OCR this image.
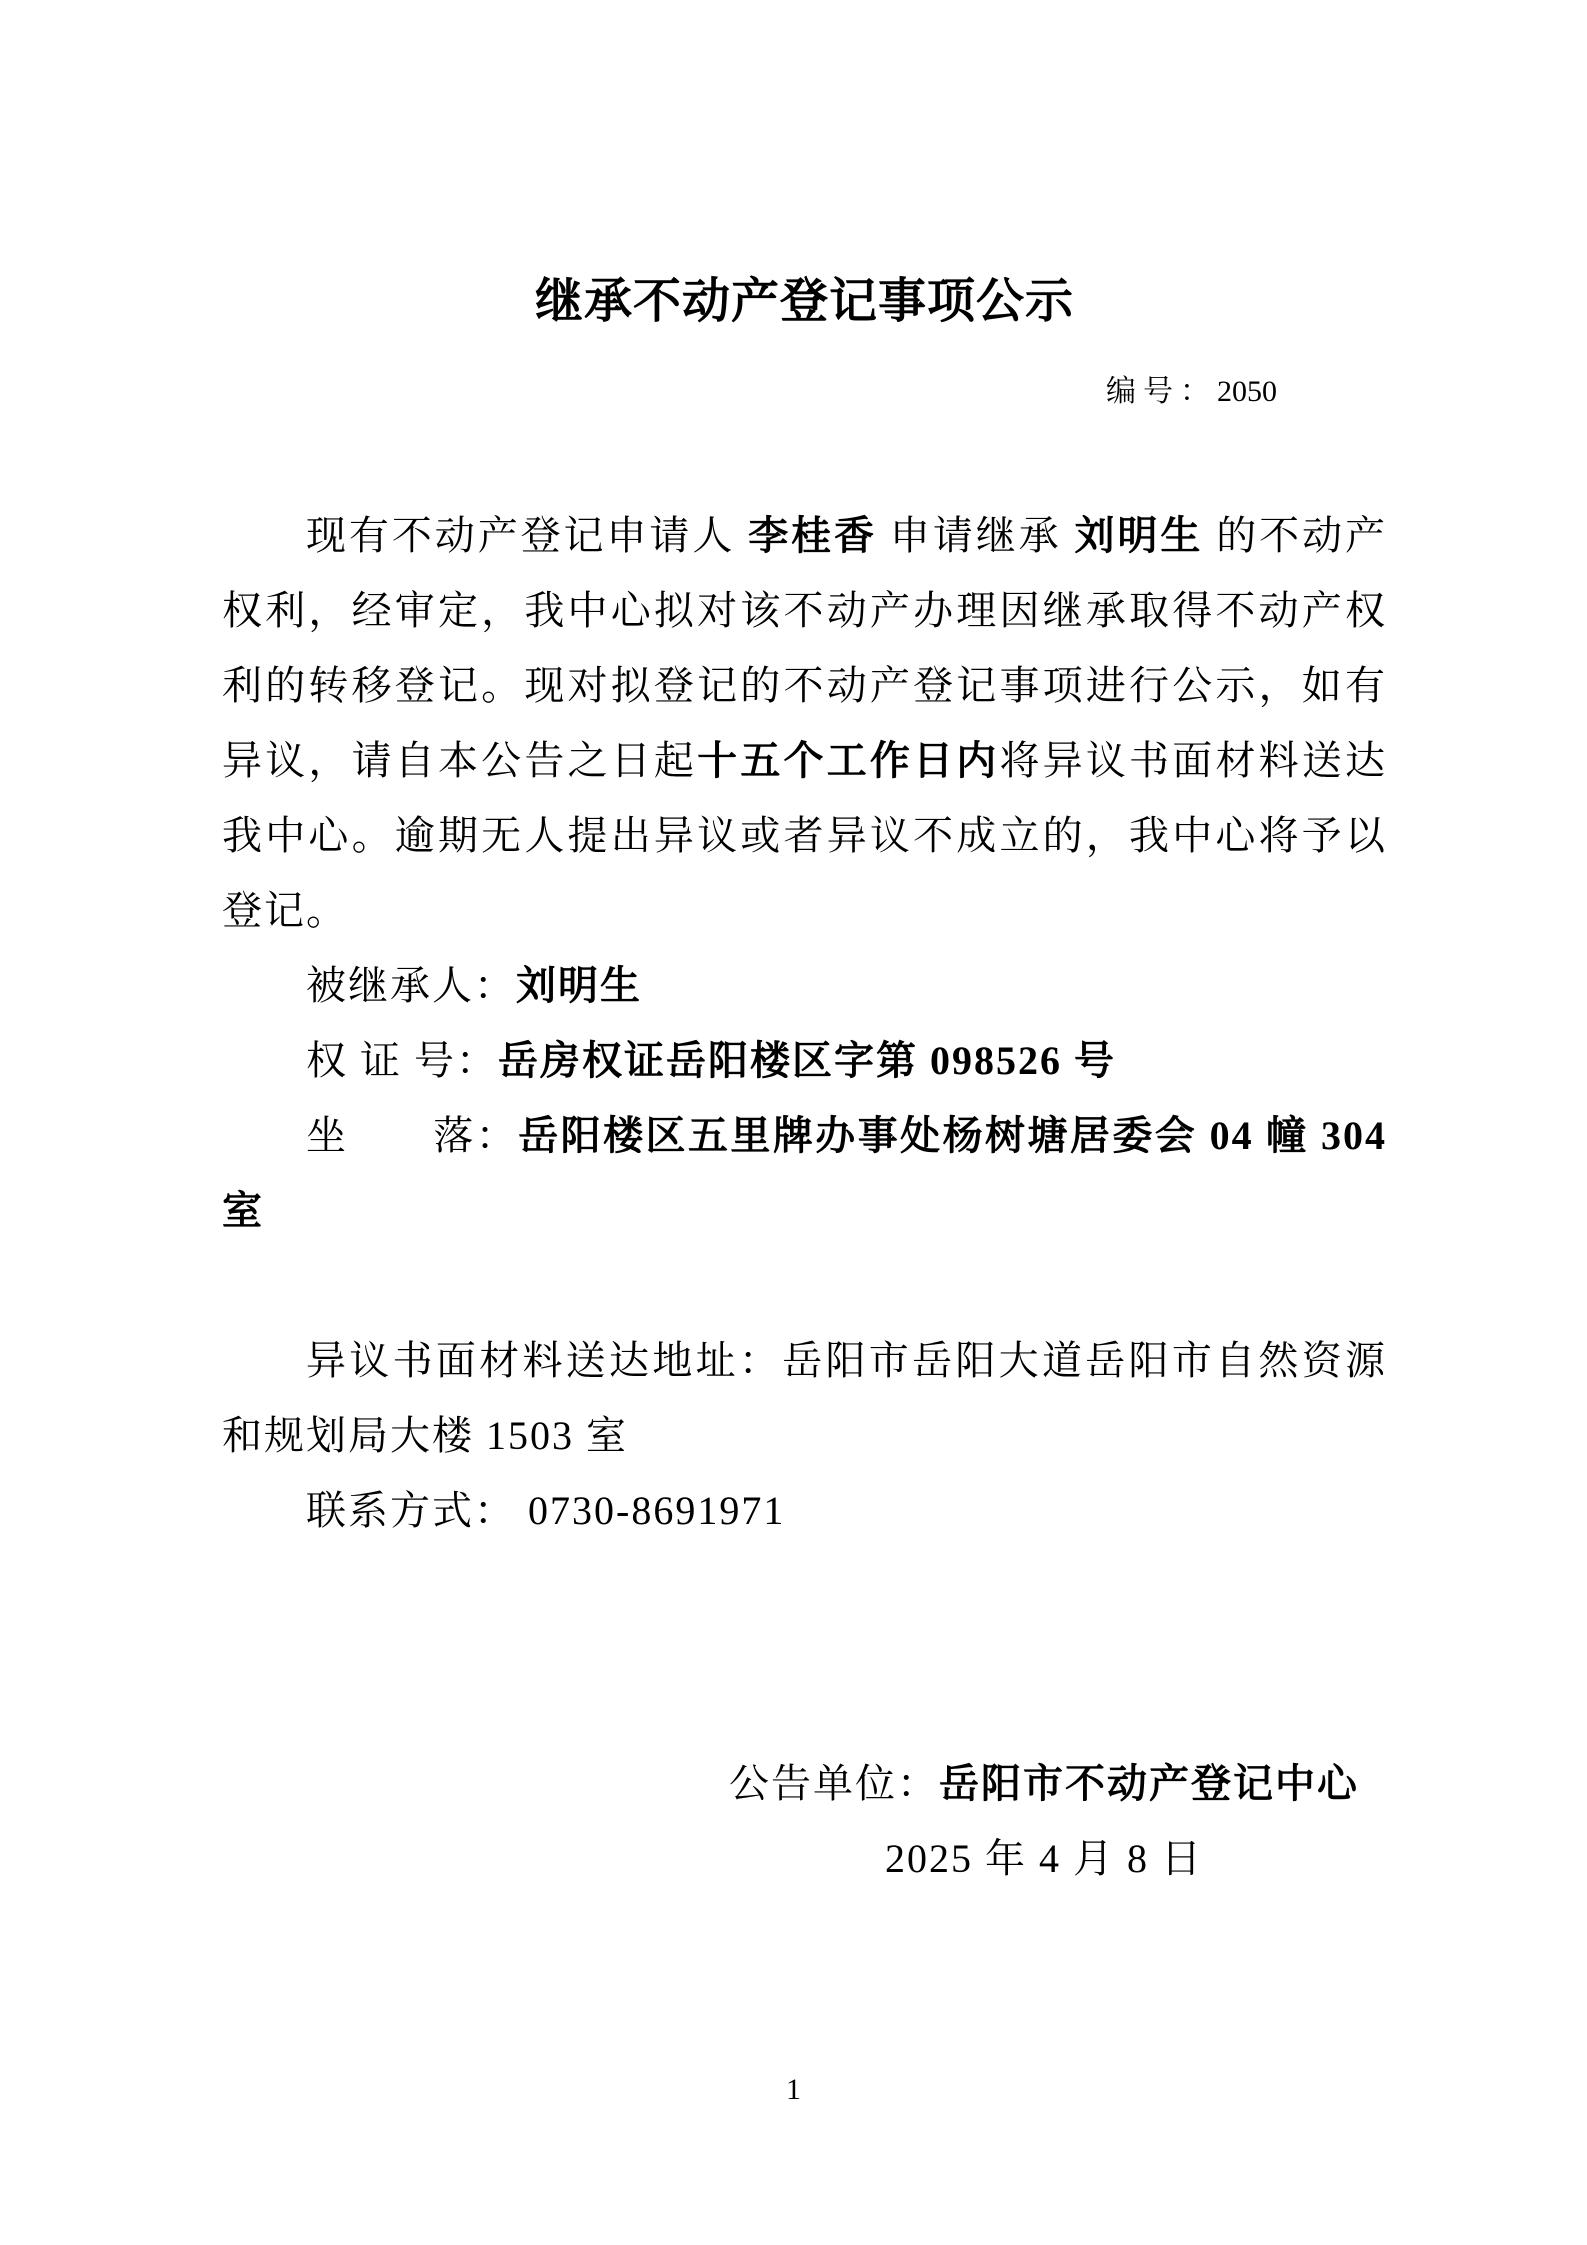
继承不动产登记事项公示
编号：2050

现有不动产登记申请人 李桂香 申请继承 刘明生 的不动产权利，经审定，我中心拟对该不动产办理因继承取得不动产权利的转移登记。现对拟登记的不动产登记事项进行公示，如有异议，请自本公告之日起十五个工作日内将异议书面材料送达我中心。逾期无人提出异议或者异议不成立的，我中心将予以登记。

被继承人：刘明生

权 证 号：岳房权证岳阳楼区字第 098526 号

坐　　落：岳阳楼区五里牌办事处杨树塘居委会 04 幢 304 室

异议书面材料送达地址：岳阳市岳阳大道岳阳市自然资源和规划局大楼 1503 室

联系方式： 0730-8691971

公告单位：岳阳市不动产登记中心

2025 年 4 月 8 日

1
